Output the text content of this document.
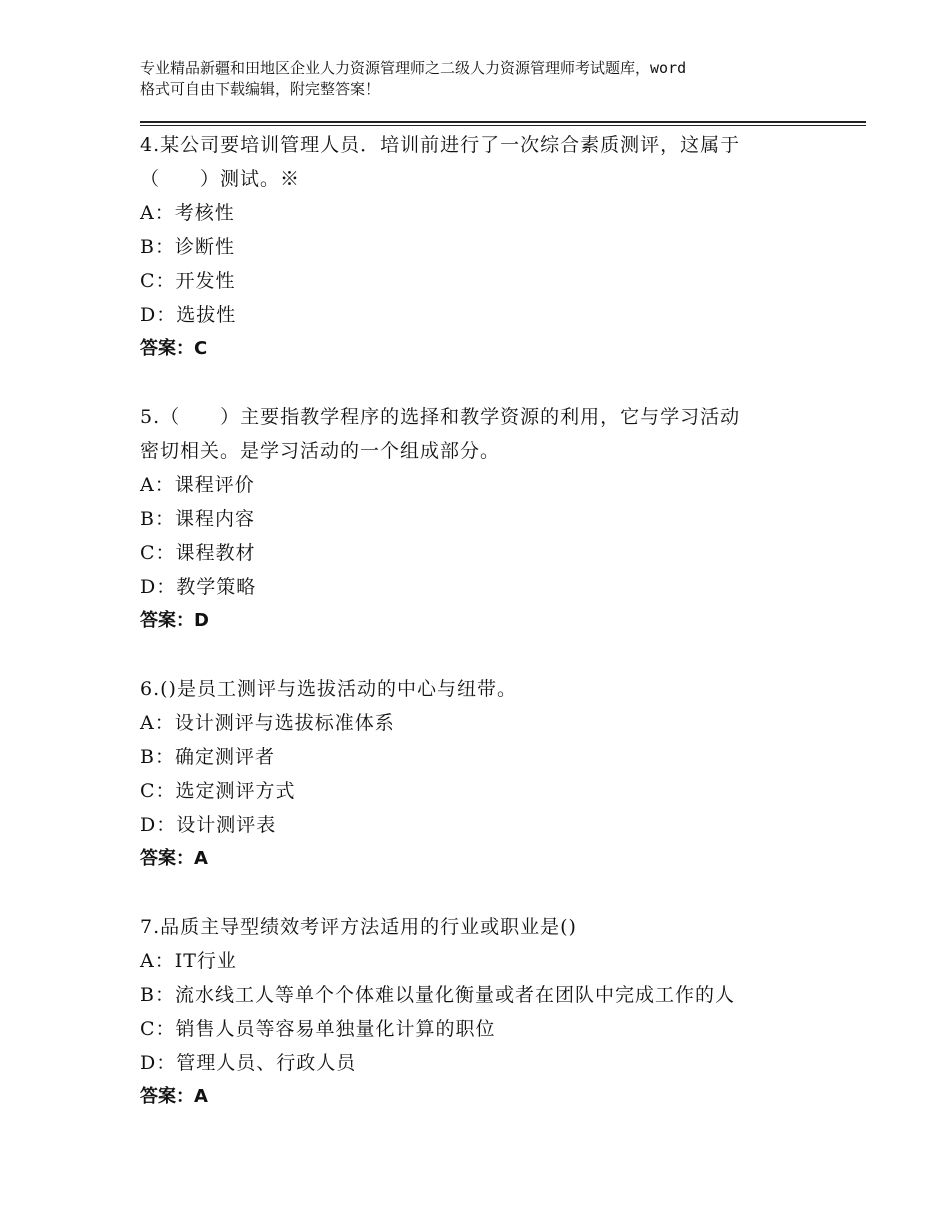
专业精品新疆和田地区企业人力资源管理师之二级人力资源管理师考试题库，word
格式可自由下载编辑，附完整答案！
4.某公司要培训管理人员．培训前进行了一次综合素质测评，这属于
（　　）测试。※
A：考核性
B：诊断性
C：开发性
D：选拔性
答案：C
5.（　　）主要指教学程序的选择和教学资源的利用，它与学习活动
密切相关。是学习活动的一个组成部分。
A：课程评价
B：课程内容
C：课程教材
D：教学策略
答案：D
6.()是员工测评与选拔活动的中心与纽带。
A：设计测评与选拔标准体系
B：确定测评者
C：选定测评方式
D：设计测评表
答案：A
7.品质主导型绩效考评方法适用的行业或职业是()
A：IT行业
B：流水线工人等单个个体难以量化衡量或者在团队中完成工作的人
C：销售人员等容易单独量化计算的职位
D：管理人员、行政人员
答案：A
